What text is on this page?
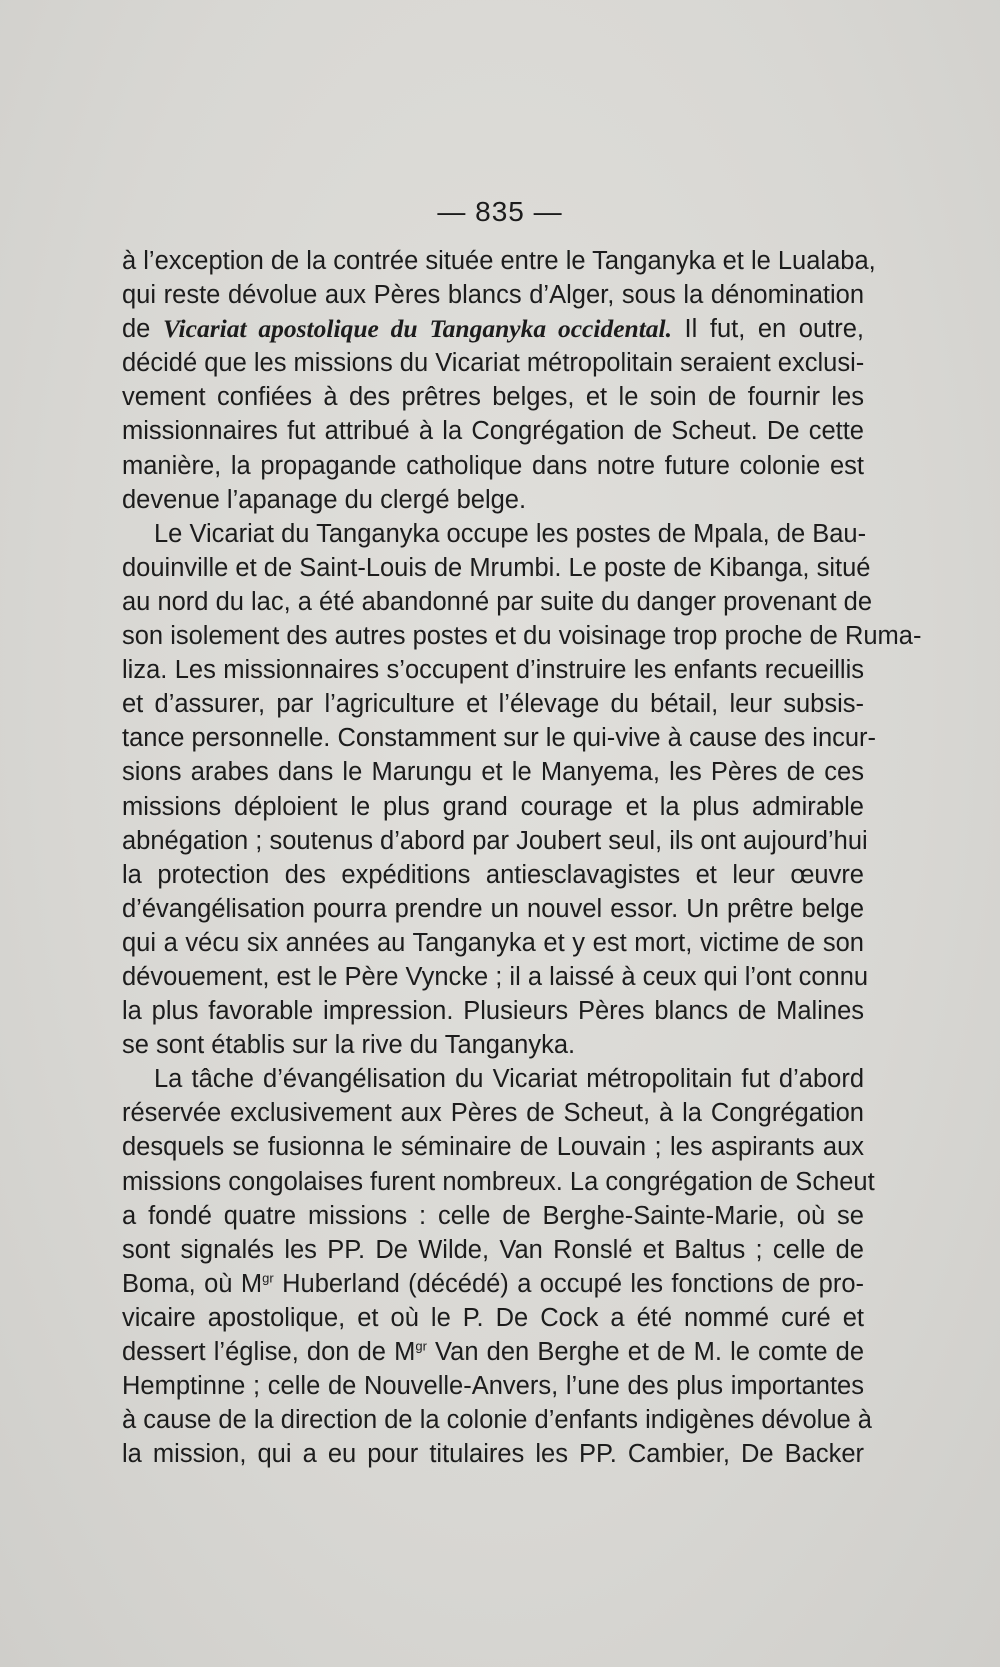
— 835 —
à l’exception de la contrée située entre le Tanganyka et le Lualaba,
qui reste dévolue aux Pères blancs d’Alger, sous la dénomination
de Vicariat apostolique du Tanganyka occidental. Il fut, en outre,
décidé que les missions du Vicariat métropolitain seraient exclusi-
vement confiées à des prêtres belges, et le soin de fournir les
missionnaires fut attribué à la Congrégation de Scheut. De cette
manière, la propagande catholique dans notre future colonie est
devenue l’apanage du clergé belge.
Le Vicariat du Tanganyka occupe les postes de Mpala, de Bau-
douinville et de Saint-Louis de Mrumbi. Le poste de Kibanga, situé
au nord du lac, a été abandonné par suite du danger provenant de
son isolement des autres postes et du voisinage trop proche de Ruma-
liza. Les missionnaires s’occupent d’instruire les enfants recueillis
et d’assurer, par l’agriculture et l’élevage du bétail, leur subsis-
tance personnelle. Constamment sur le qui-vive à cause des incur-
sions arabes dans le Marungu et le Manyema, les Pères de ces
missions déploient le plus grand courage et la plus admirable
abnégation ; soutenus d’abord par Joubert seul, ils ont aujourd’hui
la protection des expéditions antiesclavagistes et leur œuvre
d’évangélisation pourra prendre un nouvel essor. Un prêtre belge
qui a vécu six années au Tanganyka et y est mort, victime de son
dévouement, est le Père Vyncke ; il a laissé à ceux qui l’ont connu
la plus favorable impression. Plusieurs Pères blancs de Malines
se sont établis sur la rive du Tanganyka.
La tâche d’évangélisation du Vicariat métropolitain fut d’abord
réservée exclusivement aux Pères de Scheut, à la Congrégation
desquels se fusionna le séminaire de Louvain ; les aspirants aux
missions congolaises furent nombreux. La congrégation de Scheut
a fondé quatre missions : celle de Berghe-Sainte-Marie, où se
sont signalés les PP. De Wilde, Van Ronslé et Baltus ; celle de
Boma, où $M^{gr}$ Huberland (décédé) a occupé les fonctions de pro-
vicaire apostolique, et où le P. De Cock a été nommé curé et
dessert l’église, don de $M^{gr}$ Van den Berghe et de M. le comte de
Hemptinne ; celle de Nouvelle-Anvers, l’une des plus importantes
à cause de la direction de la colonie d’enfants indigènes dévolue à
la mission, qui a eu pour titulaires les PP. Cambier, De Backer
